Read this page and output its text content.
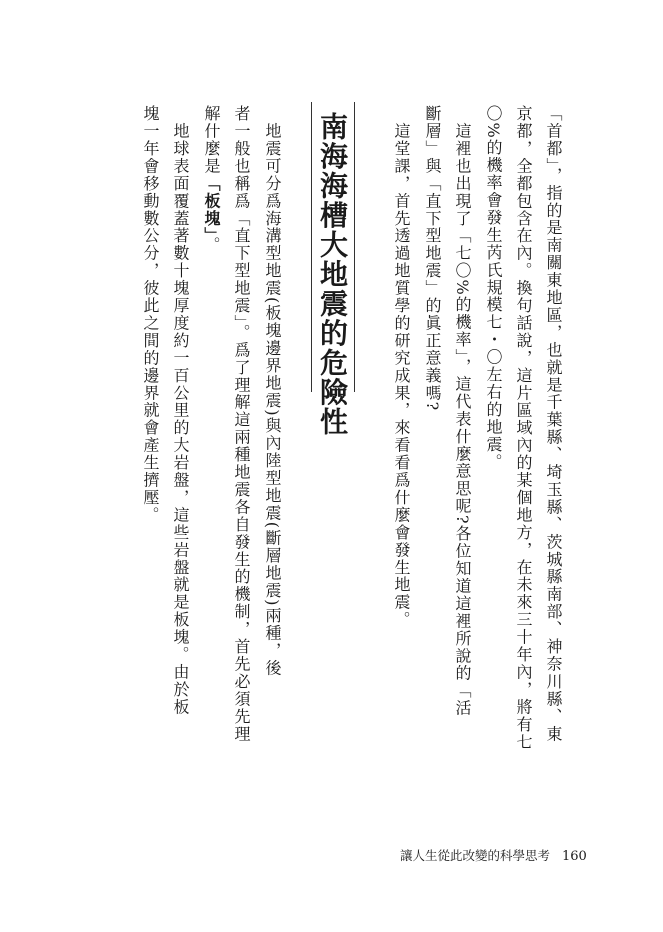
「首都」，指的是南關東地區，也就是千葉縣、埼玉縣、茨城縣南部、神奈川縣、東
京都，全都包含在內。換句話說，這片區域內的某個地方，在未來三十年內，將有七
〇%的機率會發生芮氏規模七・〇左右的地震。
　這裡也出現了「七〇%的機率」，這代表什麼意思呢?各位知道這裡所說的「活
斷層」與「直下型地震」的眞正意義嗎?
　這堂課，首先透過地質學的研究成果，來看看爲什麼會發生地震。
南海海槽大地震的危險性
　地震可分爲海溝型地震(板塊邊界地震)與內陸型地震(斷層地震)兩種，後
者一般也稱爲「直下型地震」。爲了理解這兩種地震各自發生的機制，首先必須先理
解什麼是「板塊」。
　地球表面覆蓋著數十塊厚度約一百公里的大岩盤，這些岩盤就是板塊。由於板
塊一年會移動數公分，彼此之間的邊界就會產生擠壓。
讓人生從此改變的科學思考 160
